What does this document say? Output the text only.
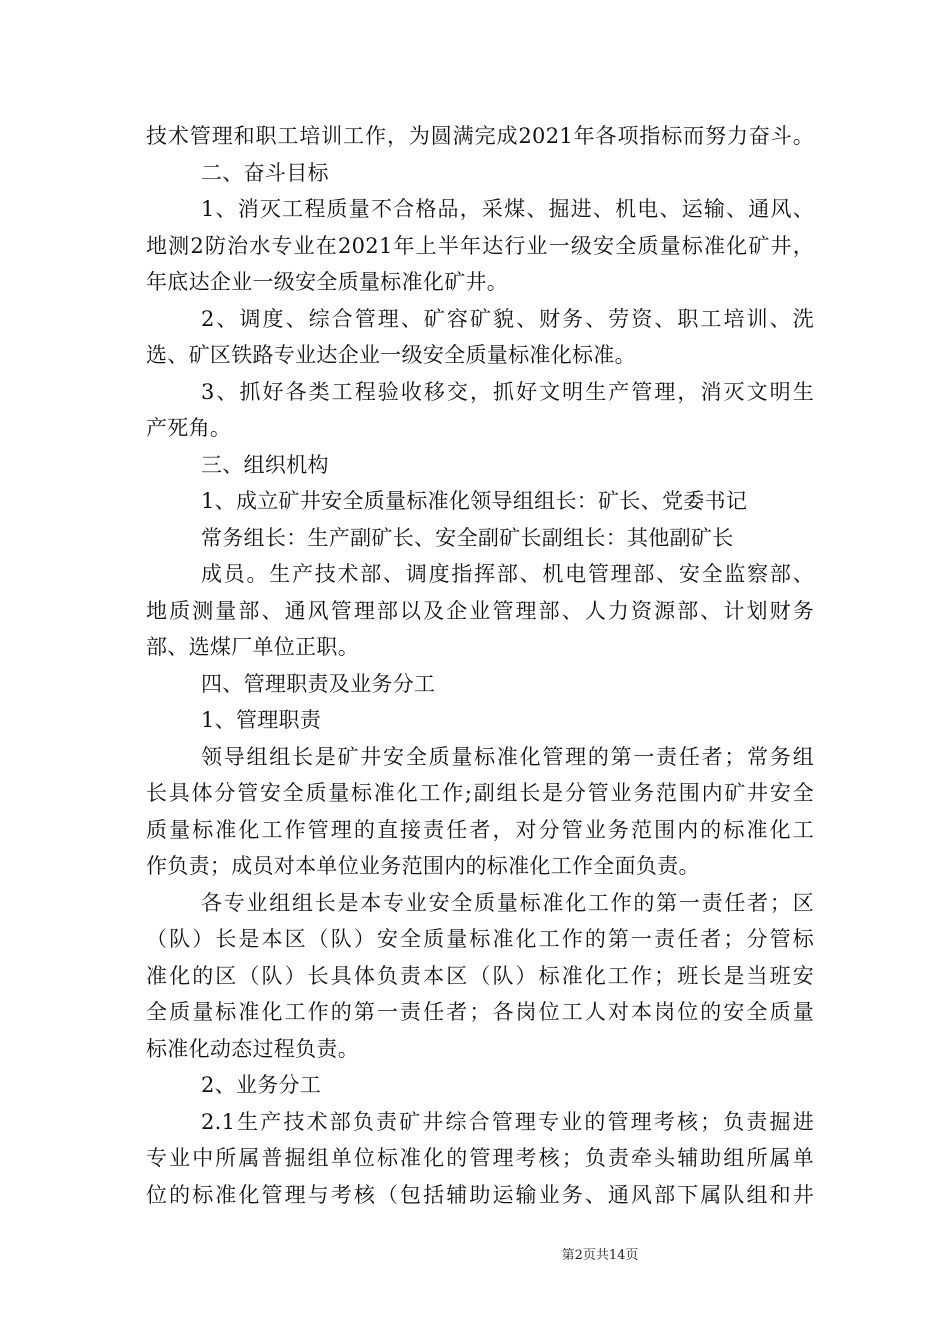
技术管理和职工培训工作，为圆满完成2021年各项指标而努力奋斗。
二、奋斗目标
1、消灭工程质量不合格品，采煤、掘进、机电、运输、通风、
地测2防治水专业在2021年上半年达行业一级安全质量标准化矿井，
年底达企业一级安全质量标准化矿井。
2、调度、综合管理、矿容矿貌、财务、劳资、职工培训、洗
选、矿区铁路专业达企业一级安全质量标准化标准。
3、抓好各类工程验收移交，抓好文明生产管理，消灭文明生
产死角。
三、组织机构
1、成立矿井安全质量标准化领导组组长：矿长、党委书记
常务组长：生产副矿长、安全副矿长副组长：其他副矿长
成员。生产技术部、调度指挥部、机电管理部、安全监察部、
地质测量部、通风管理部以及企业管理部、人力资源部、计划财务
部、选煤厂单位正职。
四、管理职责及业务分工
1、管理职责
领导组组长是矿井安全质量标准化管理的第一责任者；常务组
长具体分管安全质量标准化工作;副组长是分管业务范围内矿井安全
质量标准化工作管理的直接责任者，对分管业务范围内的标准化工
作负责；成员对本单位业务范围内的标准化工作全面负责。
各专业组组长是本专业安全质量标准化工作的第一责任者；区
（队）长是本区（队）安全质量标准化工作的第一责任者；分管标
准化的区（队）长具体负责本区（队）标准化工作；班长是当班安
全质量标准化工作的第一责任者；各岗位工人对本岗位的安全质量
标准化动态过程负责。
2、业务分工
2.1生产技术部负责矿井综合管理专业的管理考核；负责掘进
专业中所属普掘组单位标准化的管理考核；负责牵头辅助组所属单
位的标准化管理与考核（包括辅助运输业务、通风部下属队组和井
第2页共14页
